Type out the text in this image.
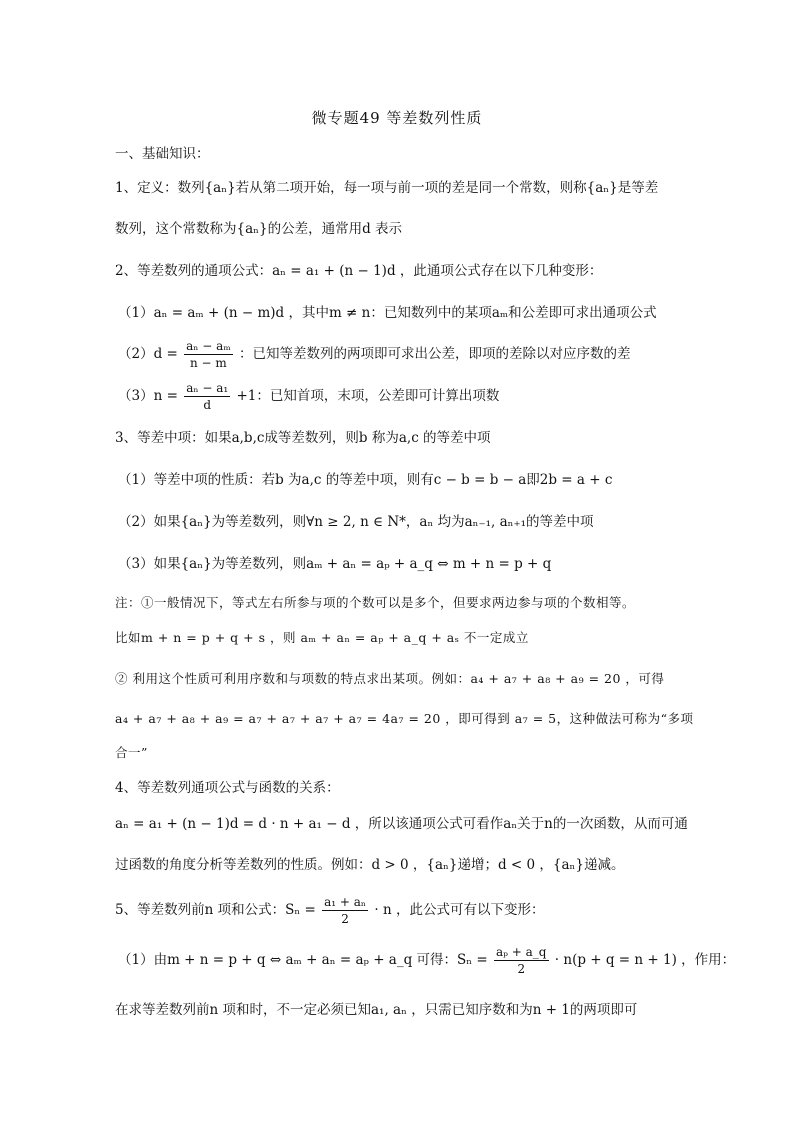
微专题49 等差数列性质
一、基础知识：
1、定义：数列{aₙ}若从第二项开始，每一项与前一项的差是同一个常数，则称{aₙ}是等差
数列，这个常数称为{aₙ}的公差，通常用d 表示
2、等差数列的通项公式：aₙ = a₁ + (n − 1)d ，此通项公式存在以下几种变形：
（1）aₙ = aₘ + (n − m)d ，其中m ≠ n：已知数列中的某项aₘ和公差即可求出通项公式
$(2)d = \frac{\text{aₙ − aₘ}}{n - m}$ ：已知等差数列的两项即可求出公差，即项的差除以对应序数的差
$(3)n = \frac{\text{aₙ − a₁}}{d} +1$：已知首项，末项，公差即可计算出项数
3、等差中项：如果a,b,c成等差数列，则b 称为a,c 的等差中项
（1）等差中项的性质：若b 为a,c 的等差中项，则有c − b = b − a即2b = a + c
（2）如果{aₙ}为等差数列，则∀n ≥ 2, n ∈ N*，aₙ 均为aₙ₋₁, aₙ₊₁的等差中项
（3）如果{aₙ}为等差数列，则aₘ + aₙ = aₚ + a_q ⇔ m + n = p + q
注：①一般情况下，等式左右所参与项的个数可以是多个，但要求两边参与项的个数相等。
比如m + n = p + q + s ，则 aₘ + aₙ = aₚ + a_q + aₛ 不一定成立
② 利用这个性质可利用序数和与项数的特点求出某项。例如：a₄ + a₇ + a₈ + a₉ = 20 ，可得
a₄ + a₇ + a₈ + a₉ = a₇ + a₇ + a₇ + a₇ = 4a₇ = 20 ，即可得到 a₇ = 5，这种做法可称为“多项
合一”
4、等差数列通项公式与函数的关系：
aₙ = a₁ + (n − 1)d = d · n + a₁ − d ，所以该通项公式可看作aₙ关于n的一次函数，从而可通
过函数的角度分析等差数列的性质。例如：d > 0 ，{aₙ}递增；d < 0 ，{aₙ}递减。
5、等差数列前n 项和公式：$S_n = \frac{\text{a₁ + aₙ}}{2} \cdot n$ ，此公式可有以下变形：
（1）由m + n = p + q ⇔ aₘ + aₙ = aₚ + a_q 可得：$S_n = \frac{\text{aₚ + a\_q}}{2} \cdot n(p + q = n + 1)$ ，作用：
在求等差数列前n 项和时，不一定必须已知a₁, aₙ ，只需已知序数和为n + 1的两项即可
